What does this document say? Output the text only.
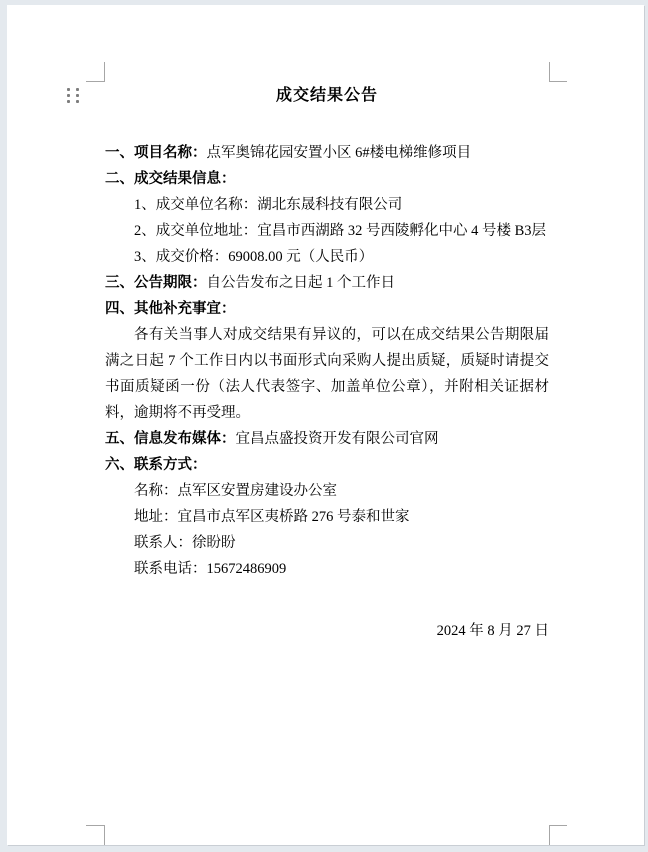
成交结果公告

一、项目名称：点军奥锦花园安置小区 6#楼电梯维修项目

二、成交结果信息：

1、成交单位名称：湖北东晟科技有限公司

2、成交单位地址：宜昌市西湖路 32 号西陵孵化中心 4 号楼 B3层

3、成交价格：69008.00 元（人民币）

三、公告期限：自公告发布之日起 1 个工作日

四、其他补充事宜：

各有关当事人对成交结果有异议的，可以在成交结果公告期限届满之日起 7 个工作日内以书面形式向采购人提出质疑，质疑时请提交书面质疑函一份（法人代表签字、加盖单位公章），并附相关证据材料，逾期将不再受理。

五、信息发布媒体：宜昌点盛投资开发有限公司官网

六、联系方式：

名称：点军区安置房建设办公室

地址：宜昌市点军区夷桥路 276 号泰和世家

联系人：徐盼盼

联系电话：15672486909

2024 年 8 月 27 日
